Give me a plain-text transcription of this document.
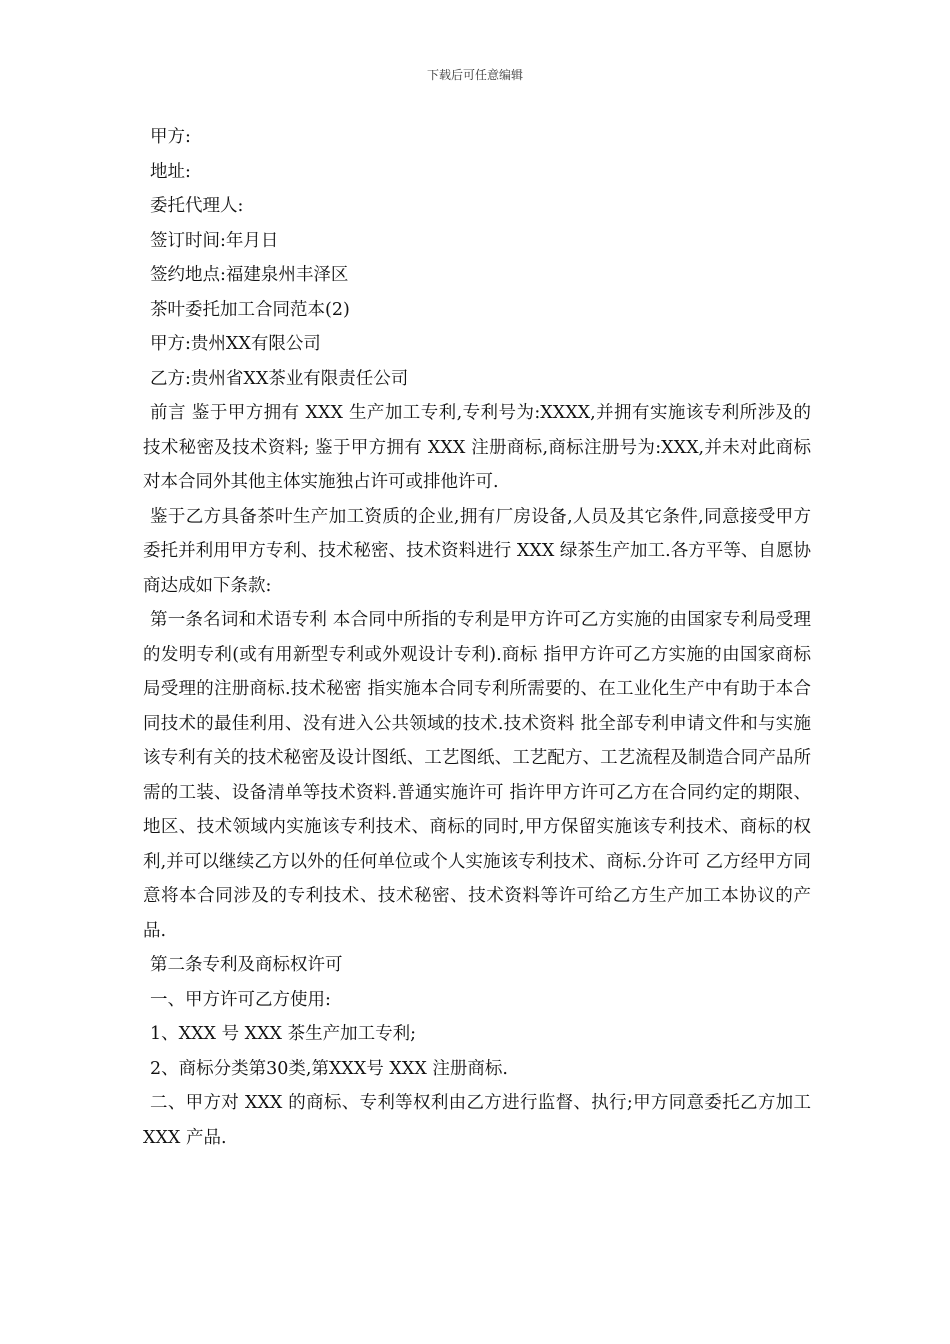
下载后可任意编辑

甲方:

地址:

委托代理人:

签订时间:年月日

签约地点:福建泉州丰泽区

茶叶委托加工合同范本(2)

甲方:贵州XX有限公司

乙方:贵州省XX茶业有限责任公司

前言 鉴于甲方拥有 XXX 生产加工专利,专利号为:XXXX,并拥有实施该专利所涉及的技术秘密及技术资料; 鉴于甲方拥有 XXX 注册商标,商标注册号为:XXX,并未对此商标对本合同外其他主体实施独占许可或排他许可.

鉴于乙方具备茶叶生产加工资质的企业,拥有厂房设备,人员及其它条件,同意接受甲方委托并利用甲方专利、技术秘密、技术资料进行 XXX 绿茶生产加工.各方平等、自愿协商达成如下条款:

第一条名词和术语专利 本合同中所指的专利是甲方许可乙方实施的由国家专利局受理的发明专利(或有用新型专利或外观设计专利).商标 指甲方许可乙方实施的由国家商标局受理的注册商标.技术秘密 指实施本合同专利所需要的、在工业化生产中有助于本合同技术的最佳利用、没有进入公共领域的技术.技术资料 批全部专利申请文件和与实施该专利有关的技术秘密及设计图纸、工艺图纸、工艺配方、工艺流程及制造合同产品所需的工装、设备清单等技术资料.普通实施许可 指许甲方许可乙方在合同约定的期限、地区、技术领域内实施该专利技术、商标的同时,甲方保留实施该专利技术、商标的权利,并可以继续乙方以外的任何单位或个人实施该专利技术、商标.分许可 乙方经甲方同意将本合同涉及的专利技术、技术秘密、技术资料等许可给乙方生产加工本协议的产品.

第二条专利及商标权许可

一、甲方许可乙方使用:

1、XXX 号 XXX 茶生产加工专利;

2、商标分类第30类,第XXX号 XXX 注册商标.

二、甲方对 XXX 的商标、专利等权利由乙方进行监督、执行;甲方同意委托乙方加工 XXX 产品.
